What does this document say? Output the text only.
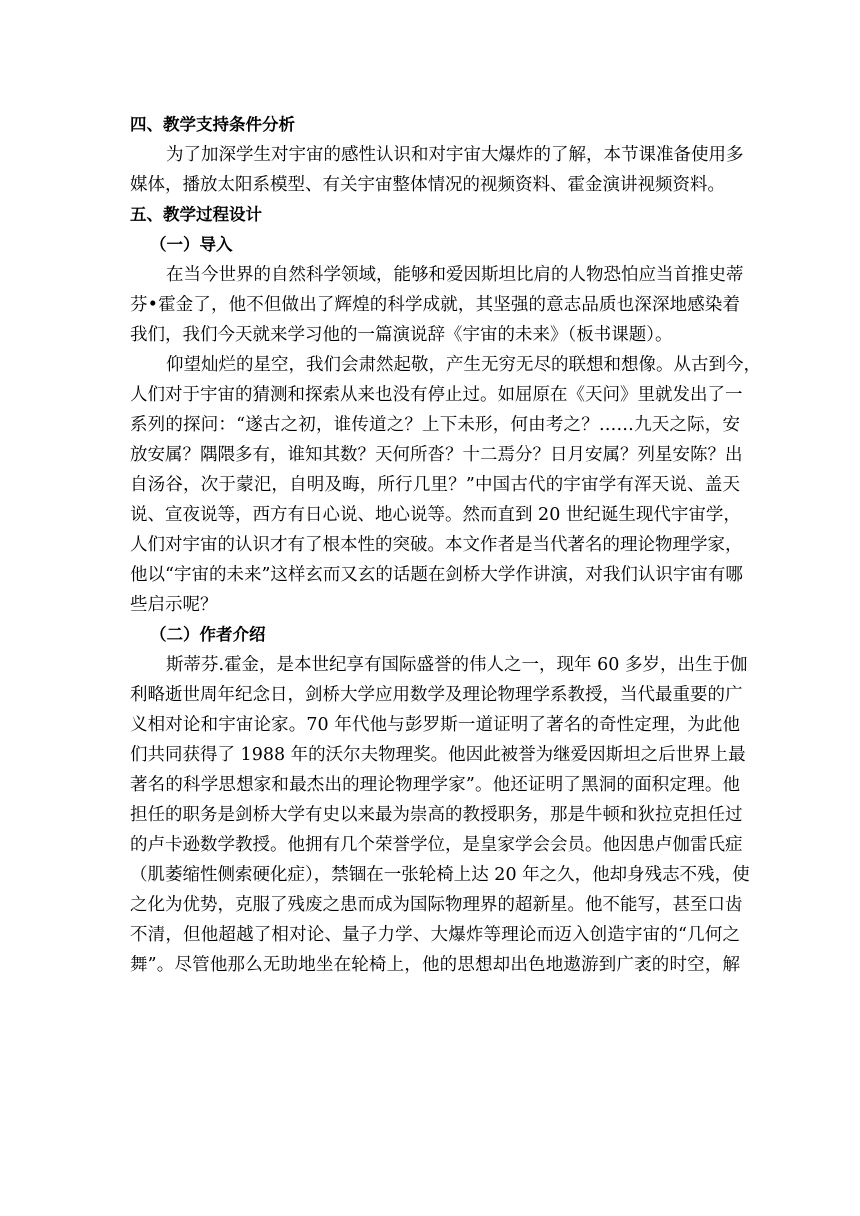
四、教学支持条件分析
为了加深学生对宇宙的感性认识和对宇宙大爆炸的了解，本节课准备使用多
媒体，播放太阳系模型、有关宇宙整体情况的视频资料、霍金演讲视频资料。
五、教学过程设计
（一）导入
在当今世界的自然科学领域，能够和爱因斯坦比肩的人物恐怕应当首推史蒂
芬•霍金了，他不但做出了辉煌的科学成就，其坚强的意志品质也深深地感染着
我们，我们今天就来学习他的一篇演说辞《宇宙的未来》（板书课题）。
仰望灿烂的星空，我们会肃然起敬，产生无穷无尽的联想和想像。从古到今，
人们对于宇宙的猜测和探索从来也没有停止过。如屈原在《天问》里就发出了一
系列的探问：“遂古之初，谁传道之？上下未形，何由考之？……九天之际，安
放安属？隅隈多有，谁知其数？天何所沓？十二焉分？日月安属？列星安陈？出
自汤谷，次于蒙汜，自明及晦，所行几里？”中国古代的宇宙学有浑天说、盖天
说、宣夜说等，西方有日心说、地心说等。然而直到 20 世纪诞生现代宇宙学，
人们对宇宙的认识才有了根本性的突破。本文作者是当代著名的理论物理学家，
他以“宇宙的未来”这样玄而又玄的话题在剑桥大学作讲演，对我们认识宇宙有哪
些启示呢？
（二）作者介绍
斯蒂芬.霍金，是本世纪享有国际盛誉的伟人之一，现年 60 多岁，出生于伽
利略逝世周年纪念日，剑桥大学应用数学及理论物理学系教授，当代最重要的广
义相对论和宇宙论家。70 年代他与彭罗斯一道证明了著名的奇性定理，为此他
们共同获得了 1988 年的沃尔夫物理奖。他因此被誉为继爱因斯坦之后世界上最
著名的科学思想家和最杰出的理论物理学家”。他还证明了黑洞的面积定理。他
担任的职务是剑桥大学有史以来最为崇高的教授职务，那是牛顿和狄拉克担任过
的卢卡逊数学教授。他拥有几个荣誉学位，是皇家学会会员。他因患卢伽雷氏症
（肌萎缩性侧索硬化症），禁锢在一张轮椅上达 20 年之久，他却身残志不残，使
之化为优势，克服了残废之患而成为国际物理界的超新星。他不能写，甚至口齿
不清，但他超越了相对论、量子力学、大爆炸等理论而迈入创造宇宙的“几何之
舞”。尽管他那么无助地坐在轮椅上，他的思想却出色地遨游到广袤的时空，解
